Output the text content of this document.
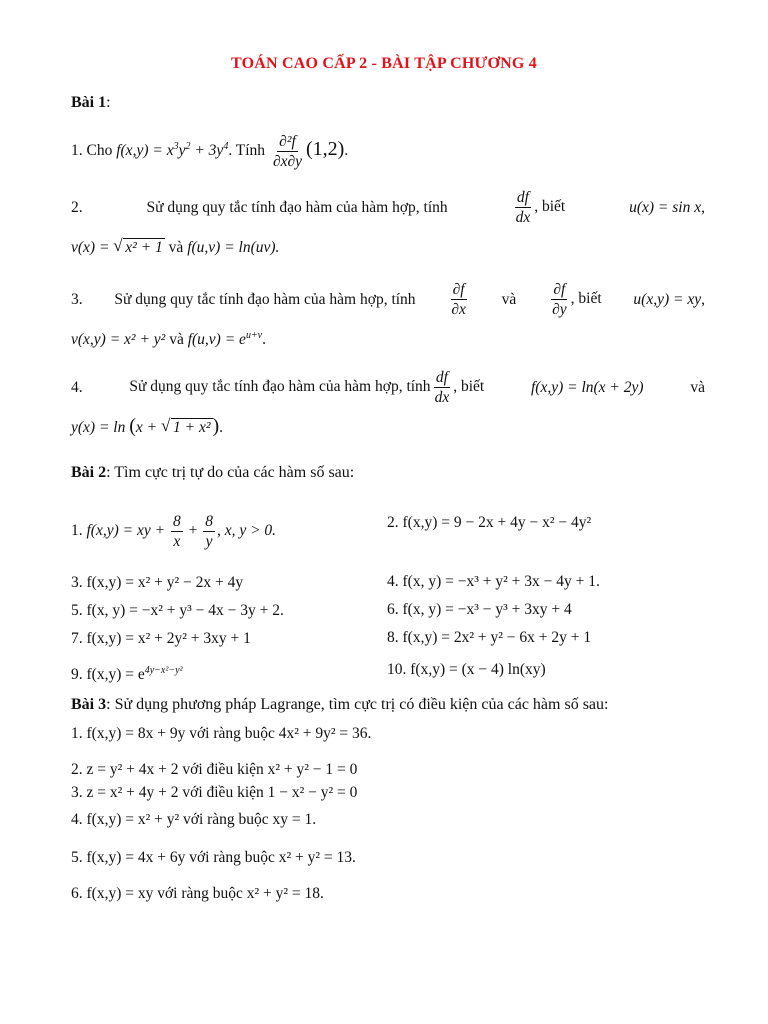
TOÁN CAO CẤP 2 - BÀI TẬP CHƯƠNG 4
Bài 1:
1. Cho $f(x,y) = x^3y^2 + 3y^4$. Tính $\frac{\text{∂²f}}{\partial x\partial y} (1,2)$.
2.	Sử dụng quy tắc tính đạo hàm của hàm hợp, tính	$\frac{df}{dx}$ , biết	u(x) = sin x,
v(x) = √ x² + 1 và f(u,v) = ln(uv).
3. Sử dụng quy tắc tính đạo hàm của hàm hợp, tính $\frac{\partial f}{\partial x}$ và $\frac{\partial f}{\partial y}$ , biết u(x,y) = xy,
v(x,y) = x² + y² và $f(u,v) = e^{u+v}$.
4.	Sử dụng quy tắc tính đạo hàm của hàm hợp, tính $\frac{df}{dx}$ , biết	f(x,y) = ln(x + 2y)	và
y(x) = ln (x + √ 1 + x² ).
Bài 2: Tìm cực trị tự do của các hàm số sau:
1. f(x,y) = xy + $\frac{8}{x} + \frac{8}{y}$ , x, y > 0.	2. f(x,y) = 9 − 2x + 4y − x² − 4y²
3. f(x,y) = x² + y² − 2x + 4y	4. f(x, y) = −x³ + y² + 3x − 4y + 1.
5. f(x, y) = −x² + y³ − 4x − 3y + 2.	6. f(x, y) = −x³ − y³ + 3xy + 4
7. f(x,y) = x² + 2y² + 3xy + 1	8. f(x,y) = 2x² + y² − 6x + 2y + 1
9. $f(x,y) = e^{4y-x^2-y^2}$	10. f(x,y) = (x − 4) ln(xy)
Bài 3: Sử dụng phương pháp Lagrange, tìm cực trị có điều kiện của các hàm số sau:
1. f(x,y) = 8x + 9y với ràng buộc 4x² + 9y² = 36.
2. z = y² + 4x + 2 với điều kiện x² + y² − 1 = 0
3. z = x² + 4y + 2 với điều kiện 1 − x² − y² = 0
4. f(x,y) = x² + y² với ràng buộc xy = 1.
5. f(x,y) = 4x + 6y với ràng buộc x² + y² = 13.
6. f(x,y) = xy với ràng buộc x² + y² = 18.
